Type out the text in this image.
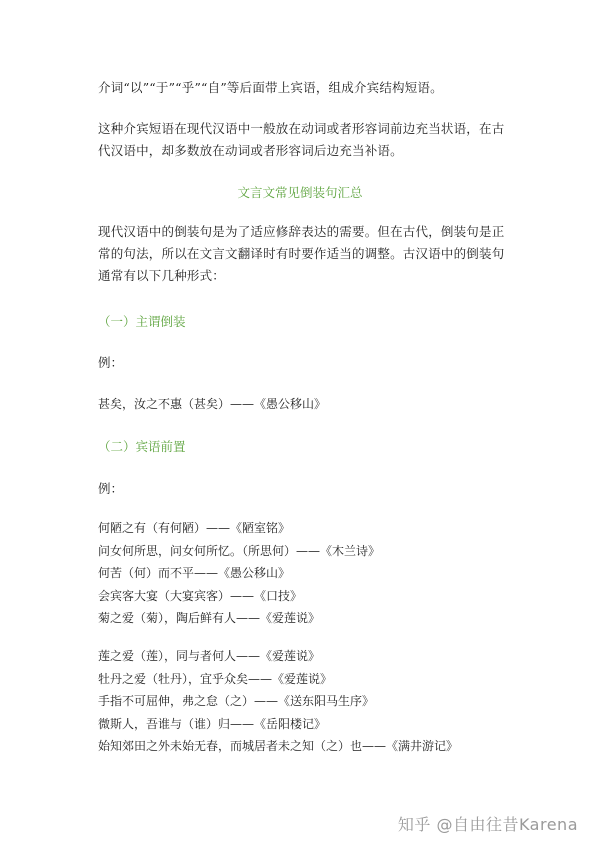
介词“以”“于”“乎”“自”等后面带上宾语，组成介宾结构短语。

这种介宾短语在现代汉语中一般放在动词或者形容词前边充当状语，在古代汉语中，却多数放在动词或者形容词后边充当补语。

文言文常见倒装句汇总

现代汉语中的倒装句是为了适应修辞表达的需要。但在古代，倒装句是正常的句法，所以在文言文翻译时有时要作适当的调整。古汉语中的倒装句通常有以下几种形式：

（一）主谓倒装

例：

甚矣，汝之不惠（甚矣）——《愚公移山》

（二）宾语前置

例：

何陋之有（有何陋）——《陋室铭》
问女何所思，问女何所忆。（所思何）——《木兰诗》
何苦（何）而不平——《愚公移山》
会宾客大宴（大宴宾客）——《口技》
菊之爱（菊），陶后鲜有人——《爱莲说》
莲之爱（莲），同与者何人——《爱莲说》
牡丹之爱（牡丹），宜乎众矣——《爱莲说》
手指不可屈伸，弗之怠（之）——《送东阳马生序》
微斯人，吾谁与（谁）归——《岳阳楼记》
始知郊田之外未始无春，而城居者未之知（之）也——《满井游记》
知乎 @自由往昔Karena
